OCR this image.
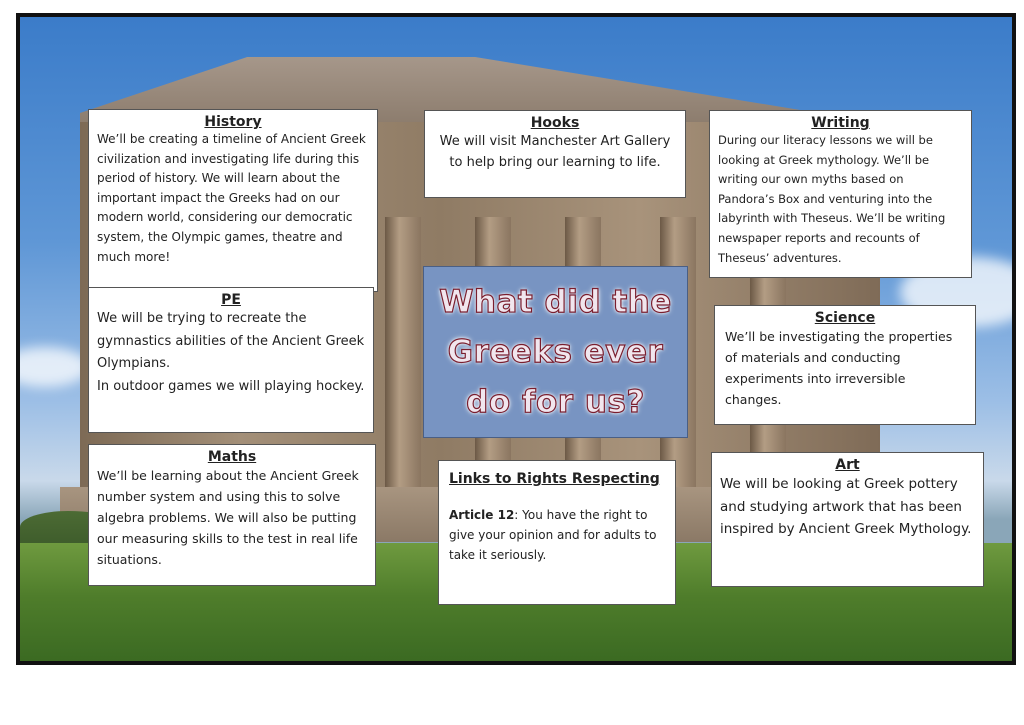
History

We’ll be creating a timeline of Ancient Greek civilization and investigating life during this period of history. We will learn about the important impact the Greeks had on our modern world, considering our democratic system, the Olympic games, theatre and much more!

Hooks

We will visit Manchester Art Gallery to help bring our learning to life.

Writing

During our literacy lessons we will be looking at Greek mythology. We’ll be writing our own myths based on Pandora’s Box and venturing into the labyrinth with Theseus. We’ll be writing newspaper reports and recounts of Theseus’ adventures.

PE

We will be trying to recreate the gymnastics abilities of the Ancient Greek Olympians.

In outdoor games we will playing hockey.

What did the Greeks ever do for us?
Science

We’ll be investigating the properties of materials and conducting experiments into irreversible changes.

Maths

We’ll be learning about the Ancient Greek number system and using this to solve algebra problems. We will also be putting our measuring skills to the test in real life situations.

Links to Rights Respecting

Article 12: You have the right to give your opinion and for adults to take it seriously.

Art

We will be looking at Greek pottery and studying artwork that has been inspired by Ancient Greek Mythology.
